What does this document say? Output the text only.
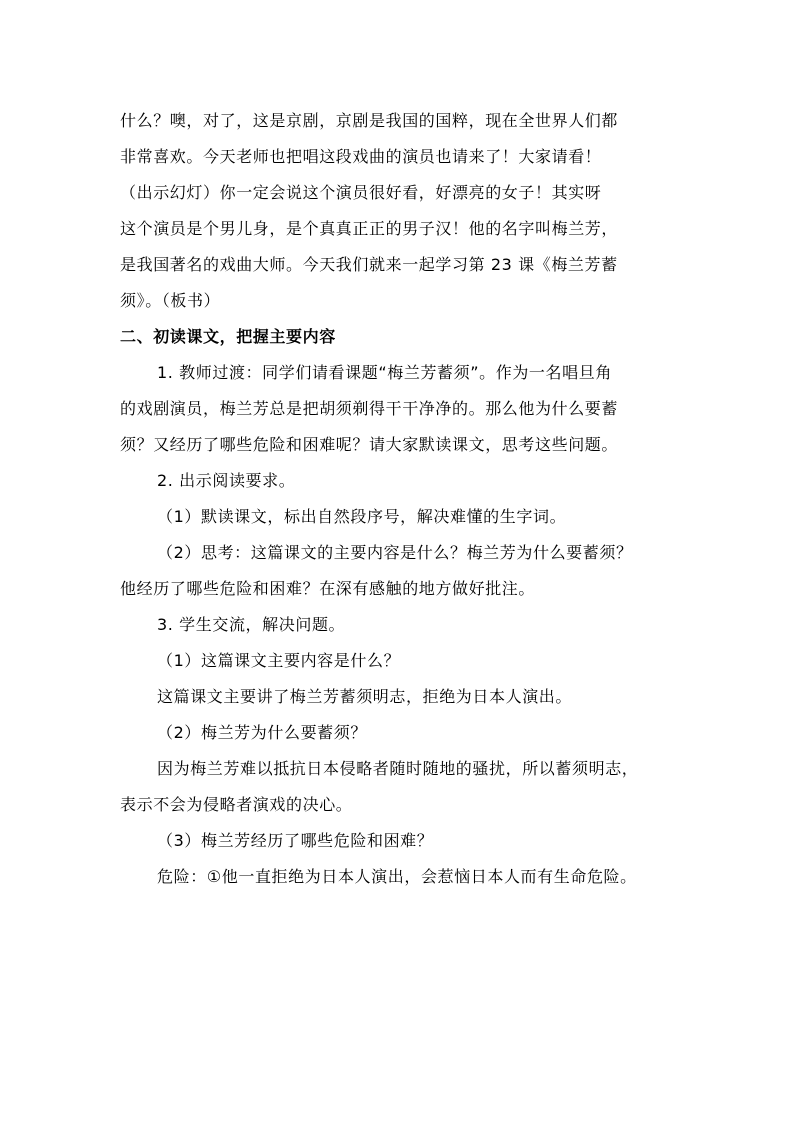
什么？噢，对了，这是京剧，京剧是我国的国粹，现在全世界人们都
非常喜欢。今天老师也把唱这段戏曲的演员也请来了！大家请看！
（出示幻灯）你一定会说这个演员很好看，好漂亮的女子！其实呀
这个演员是个男儿身，是个真真正正的男子汉！他的名字叫梅兰芳，
是我国著名的戏曲大师。今天我们就来一起学习第 23 课《梅兰芳蓄
须》。（板书）
二、初读课文，把握主要内容
1. 教师过渡：同学们请看课题“梅兰芳蓄须”。作为一名唱旦角
的戏剧演员，梅兰芳总是把胡须剃得干干净净的。那么他为什么要蓄
须？又经历了哪些危险和困难呢？请大家默读课文，思考这些问题。
2. 出示阅读要求。
（1）默读课文，标出自然段序号，解决难懂的生字词。
（2）思考：这篇课文的主要内容是什么？梅兰芳为什么要蓄须？
他经历了哪些危险和困难？在深有感触的地方做好批注。
3. 学生交流，解决问题。
（1）这篇课文主要内容是什么？
这篇课文主要讲了梅兰芳蓄须明志，拒绝为日本人演出。
（2）梅兰芳为什么要蓄须？
因为梅兰芳难以抵抗日本侵略者随时随地的骚扰，所以蓄须明志，
表示不会为侵略者演戏的决心。
（3）梅兰芳经历了哪些危险和困难？
危险：①他一直拒绝为日本人演出，会惹恼日本人而有生命危险。
